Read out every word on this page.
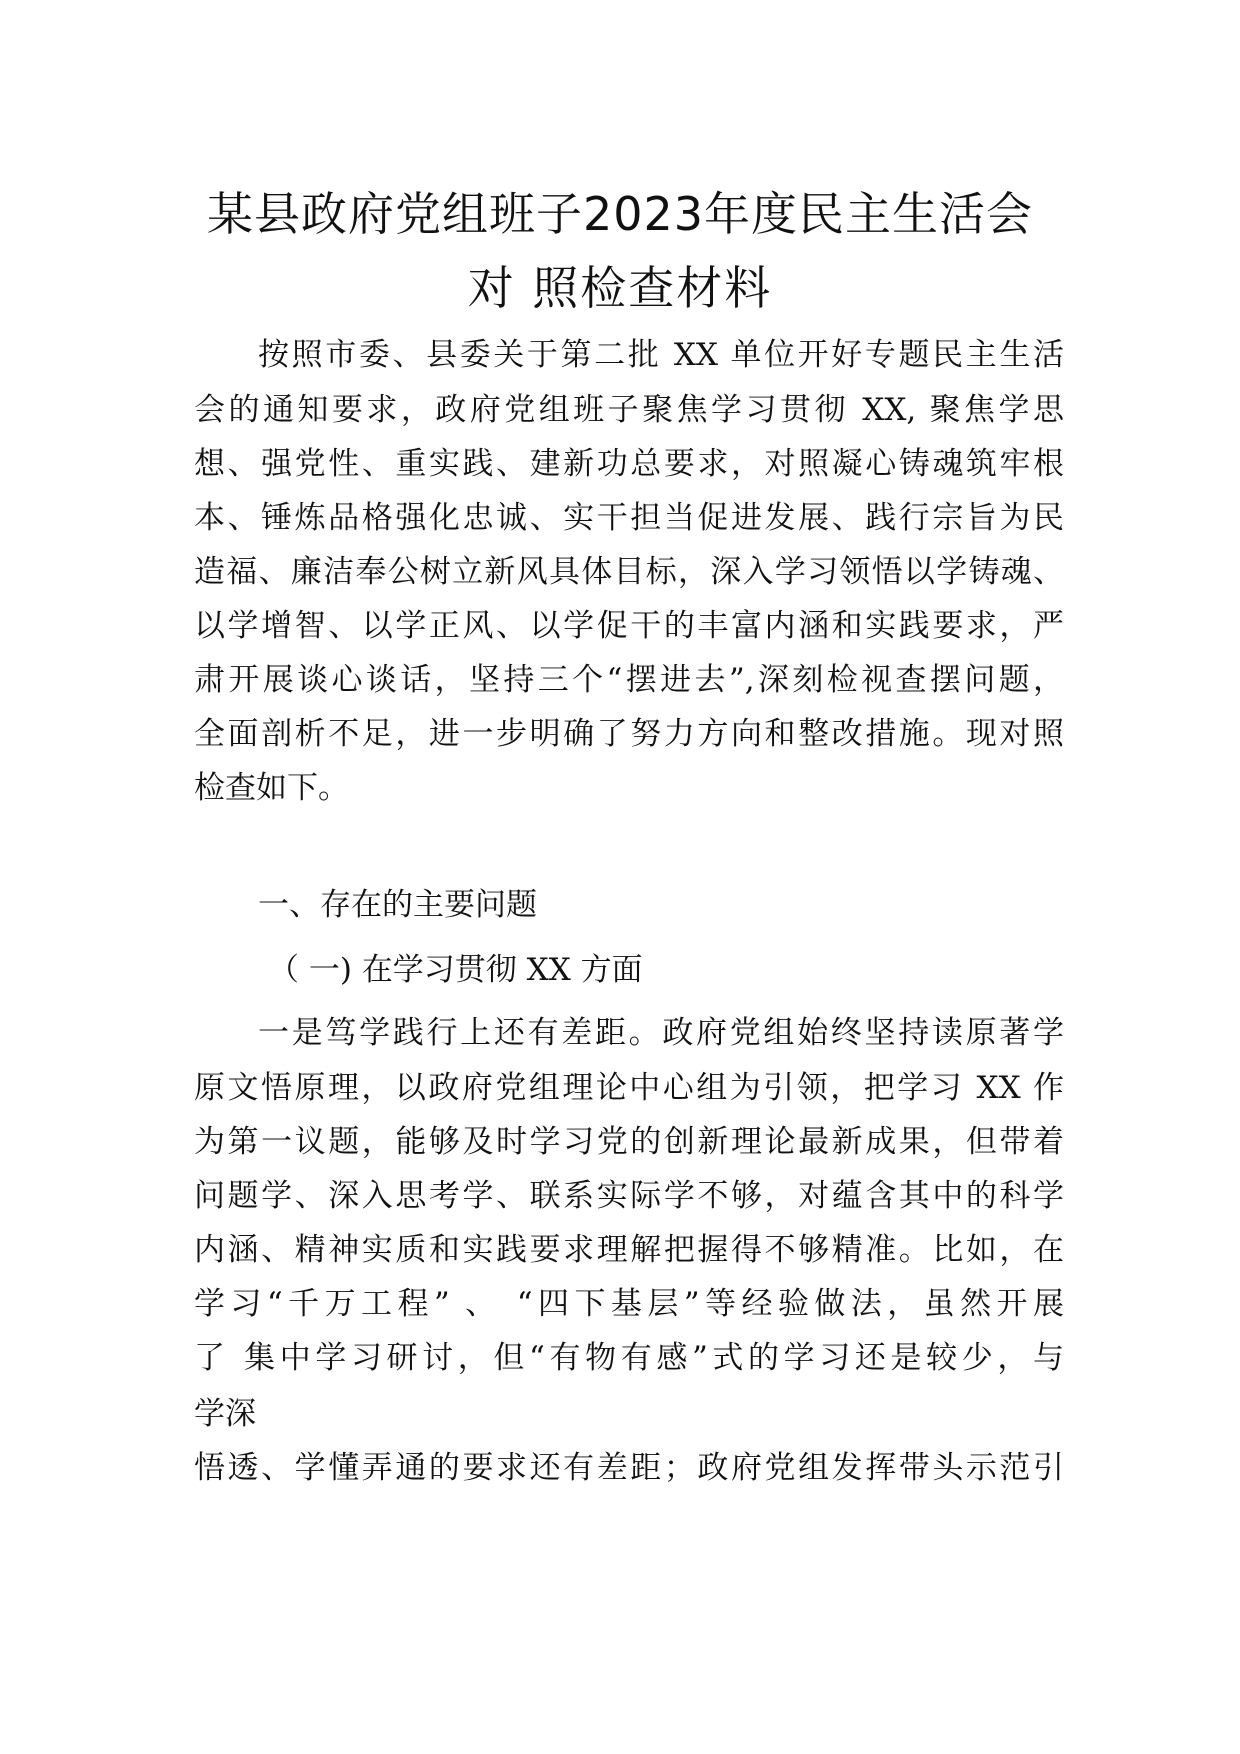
某县政府党组班子2023年度民主生活会
对 照检查材料
按照市委、县委关于第二批 XX 单位开好专题民主生活
会的通知要求，政府党组班子聚焦学习贯彻 XX, 聚焦学思
想、强党性、重实践、建新功总要求，对照凝心铸魂筑牢根
本、锤炼品格强化忠诚、实干担当促进发展、践行宗旨为民
造福、廉洁奉公树立新风具体目标，深入学习领悟以学铸魂、
以学增智、以学正风、以学促干的丰富内涵和实践要求，严
肃开展谈心谈话，坚持三个“摆进去”,深刻检视查摆问题，
全面剖析不足，进一步明确了努力方向和整改措施。现对照
检查如下。
一、存在的主要问题
（ 一) 在学习贯彻 XX 方面
一是笃学践行上还有差距。政府党组始终坚持读原著学
原文悟原理，以政府党组理论中心组为引领，把学习 XX 作
为第一议题，能够及时学习党的创新理论最新成果，但带着
问题学、深入思考学、联系实际学不够，对蕴含其中的科学
内涵、精神实质和实践要求理解把握得不够精准。比如，在
学习“千万工程” 、 “四下基层”等经验做法，虽然开展
了 集中学习研讨，但“有物有感”式的学习还是较少，与
学深
悟透、学懂弄通的要求还有差距；政府党组发挥带头示范引
